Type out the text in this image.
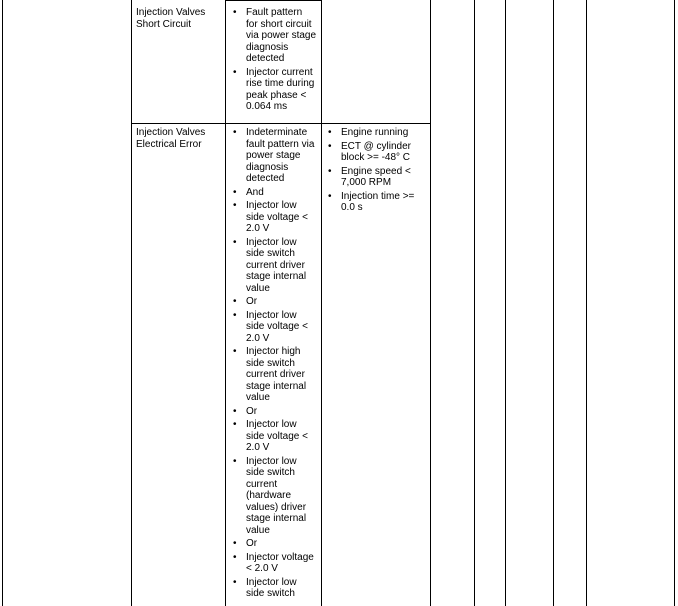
Injection Valves
Short Circuit
• Fault pattern
for short circuit
via power stage
diagnosis
detected
• Injector current
rise time during
peak phase <
0.064 ms
Injection Valves
Electrical Error
• Indeterminate
fault pattern via
power stage
diagnosis
detected
• And
• Injector low
side voltage <
2.0 V
• Injector low
side switch
current driver
stage internal
value
• Or
• Injector low
side voltage <
2.0 V
• Injector high
side switch
current driver
stage internal
value
• Or
• Injector low
side voltage <
2.0 V
• Injector low
side switch
current
(hardware
values) driver
stage internal
value
• Or
• Injector voltage
< 2.0 V
• Injector low
side switch
• Engine running
• ECT @ cylinder
block >= -48° C
• Engine speed <
7,000 RPM
• Injection time >=
0.0 s
